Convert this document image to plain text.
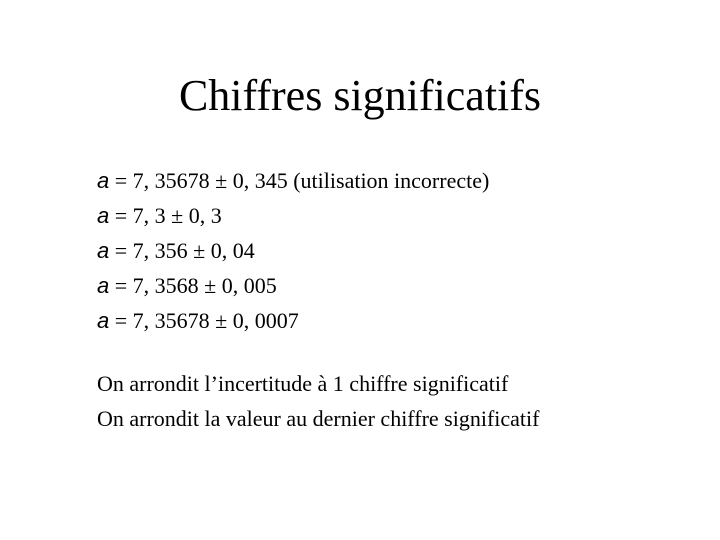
Chiffres significatifs
a = 7, 35678 ± 0, 345 (utilisation incorrecte)
a = 7, 3 ± 0, 3
a = 7, 356 ± 0, 04
a = 7, 3568 ± 0, 005
a = 7, 35678 ± 0, 0007
On arrondit l’incertitude à 1 chiffre significatif
On arrondit la valeur au dernier chiffre significatif
